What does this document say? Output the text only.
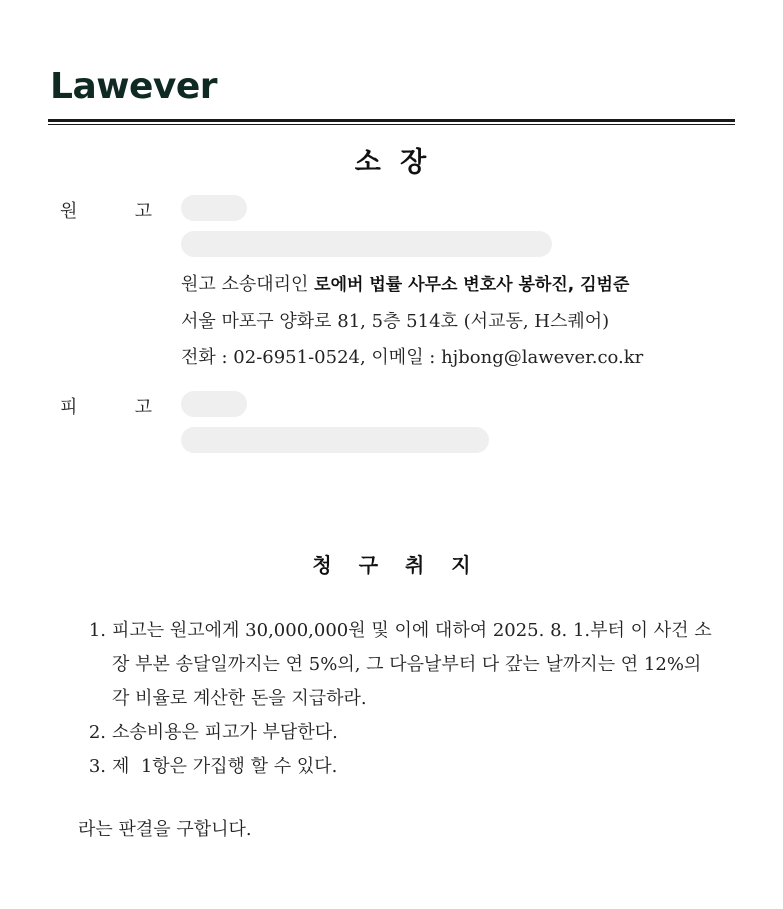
Lawever
소 장
원	고
원고 소송대리인 로에버 법률 사무소 변호사 봉하진, 김범준
서울 마포구 양화로 81, 5층 514호 (서교동, H스퀘어)
전화 : 02-6951-0524, 이메일 : hjbong@lawever.co.kr
피	고
청 구 취 지
1. 피고는 원고에게 30,000,000원 및 이에 대하여 2025. 8. 1.부터 이 사건 소장 부본 송달일까지는 연 5%의, 그 다음날부터 다 갚는 날까지는 연 12%의 각 비율로 계산한 돈을 지급하라.
2. 소송비용은 피고가 부담한다.
3. 제  1항은 가집행 할 수 있다.
라는 판결을 구합니다.
